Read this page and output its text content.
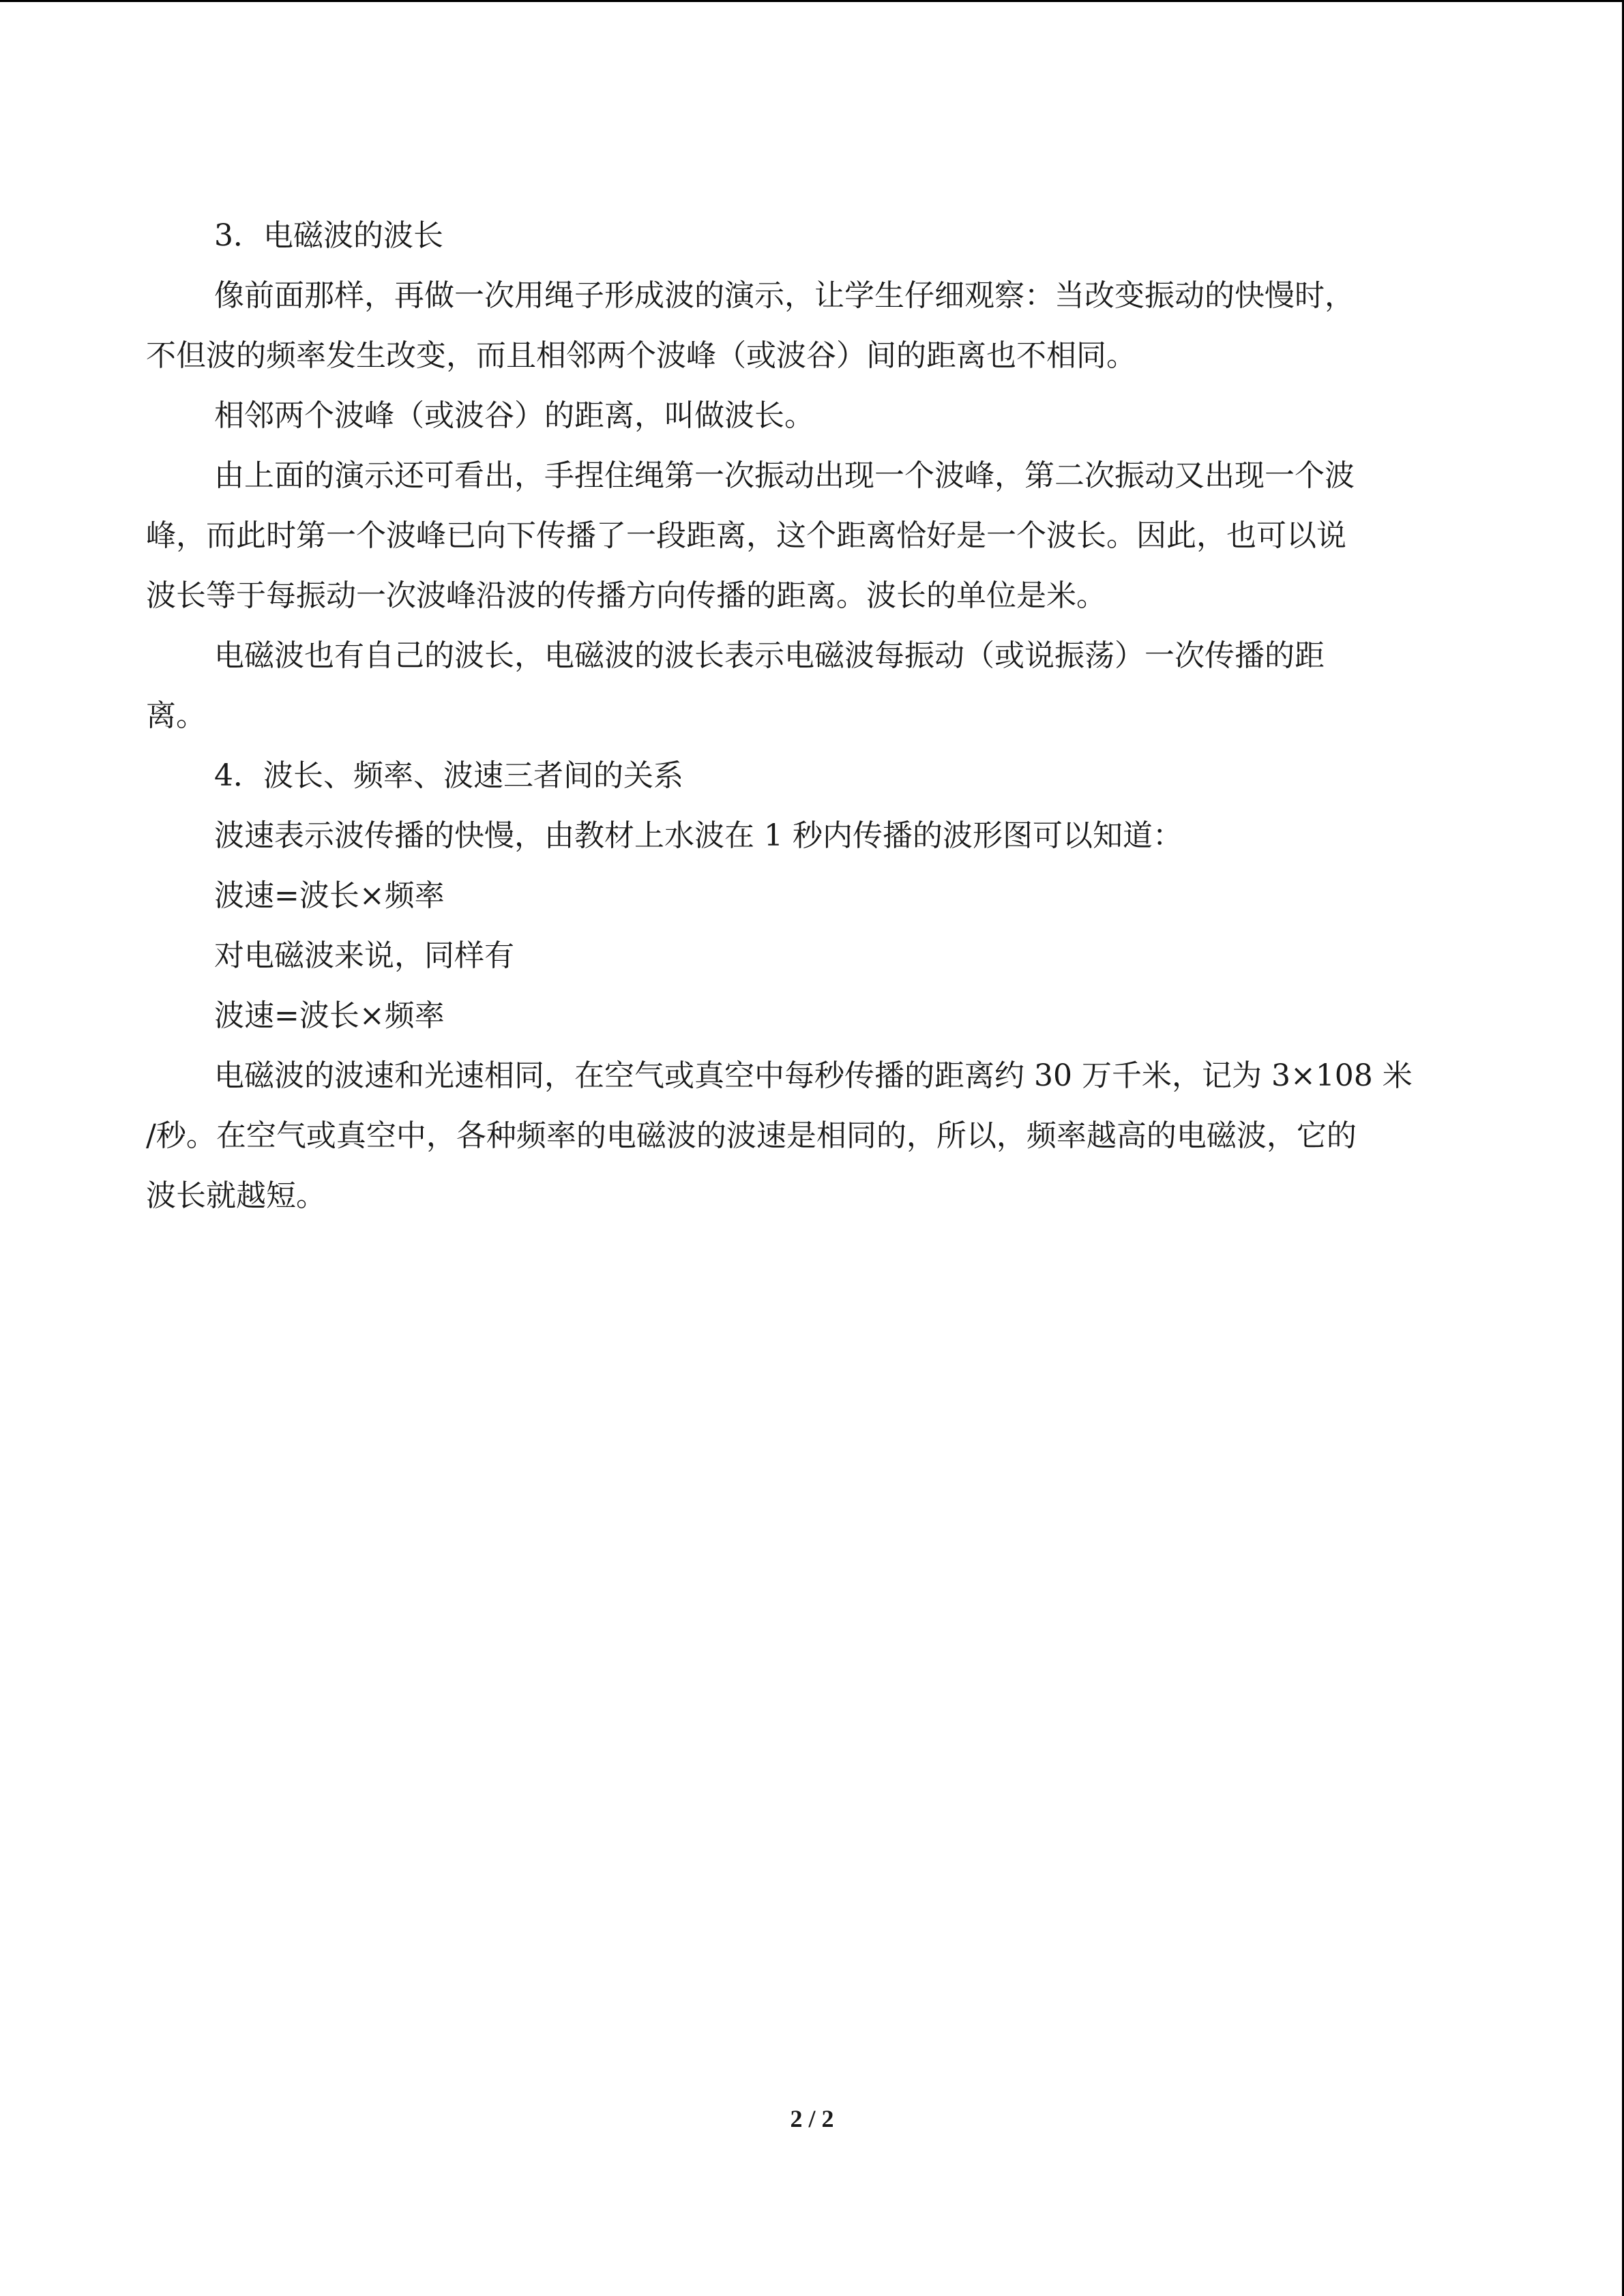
3．电磁波的波长
像前面那样，再做一次用绳子形成波的演示，让学生仔细观察：当改变振动的快慢时，
不但波的频率发生改变，而且相邻两个波峰（或波谷）间的距离也不相同。
相邻两个波峰（或波谷）的距离，叫做波长。
由上面的演示还可看出，手捏住绳第一次振动出现一个波峰，第二次振动又出现一个波
峰，而此时第一个波峰已向下传播了一段距离，这个距离恰好是一个波长。因此，也可以说
波长等于每振动一次波峰沿波的传播方向传播的距离。波长的单位是米。
电磁波也有自己的波长，电磁波的波长表示电磁波每振动（或说振荡）一次传播的距
离。
4．波长、频率、波速三者间的关系
波速表示波传播的快慢，由教材上水波在 1 秒内传播的波形图可以知道：
波速=波长×频率
对电磁波来说，同样有
波速=波长×频率
电磁波的波速和光速相同，在空气或真空中每秒传播的距离约 30 万千米，记为 3×108 米
/秒。在空气或真空中，各种频率的电磁波的波速是相同的，所以，频率越高的电磁波，它的
波长就越短。
2 / 2
